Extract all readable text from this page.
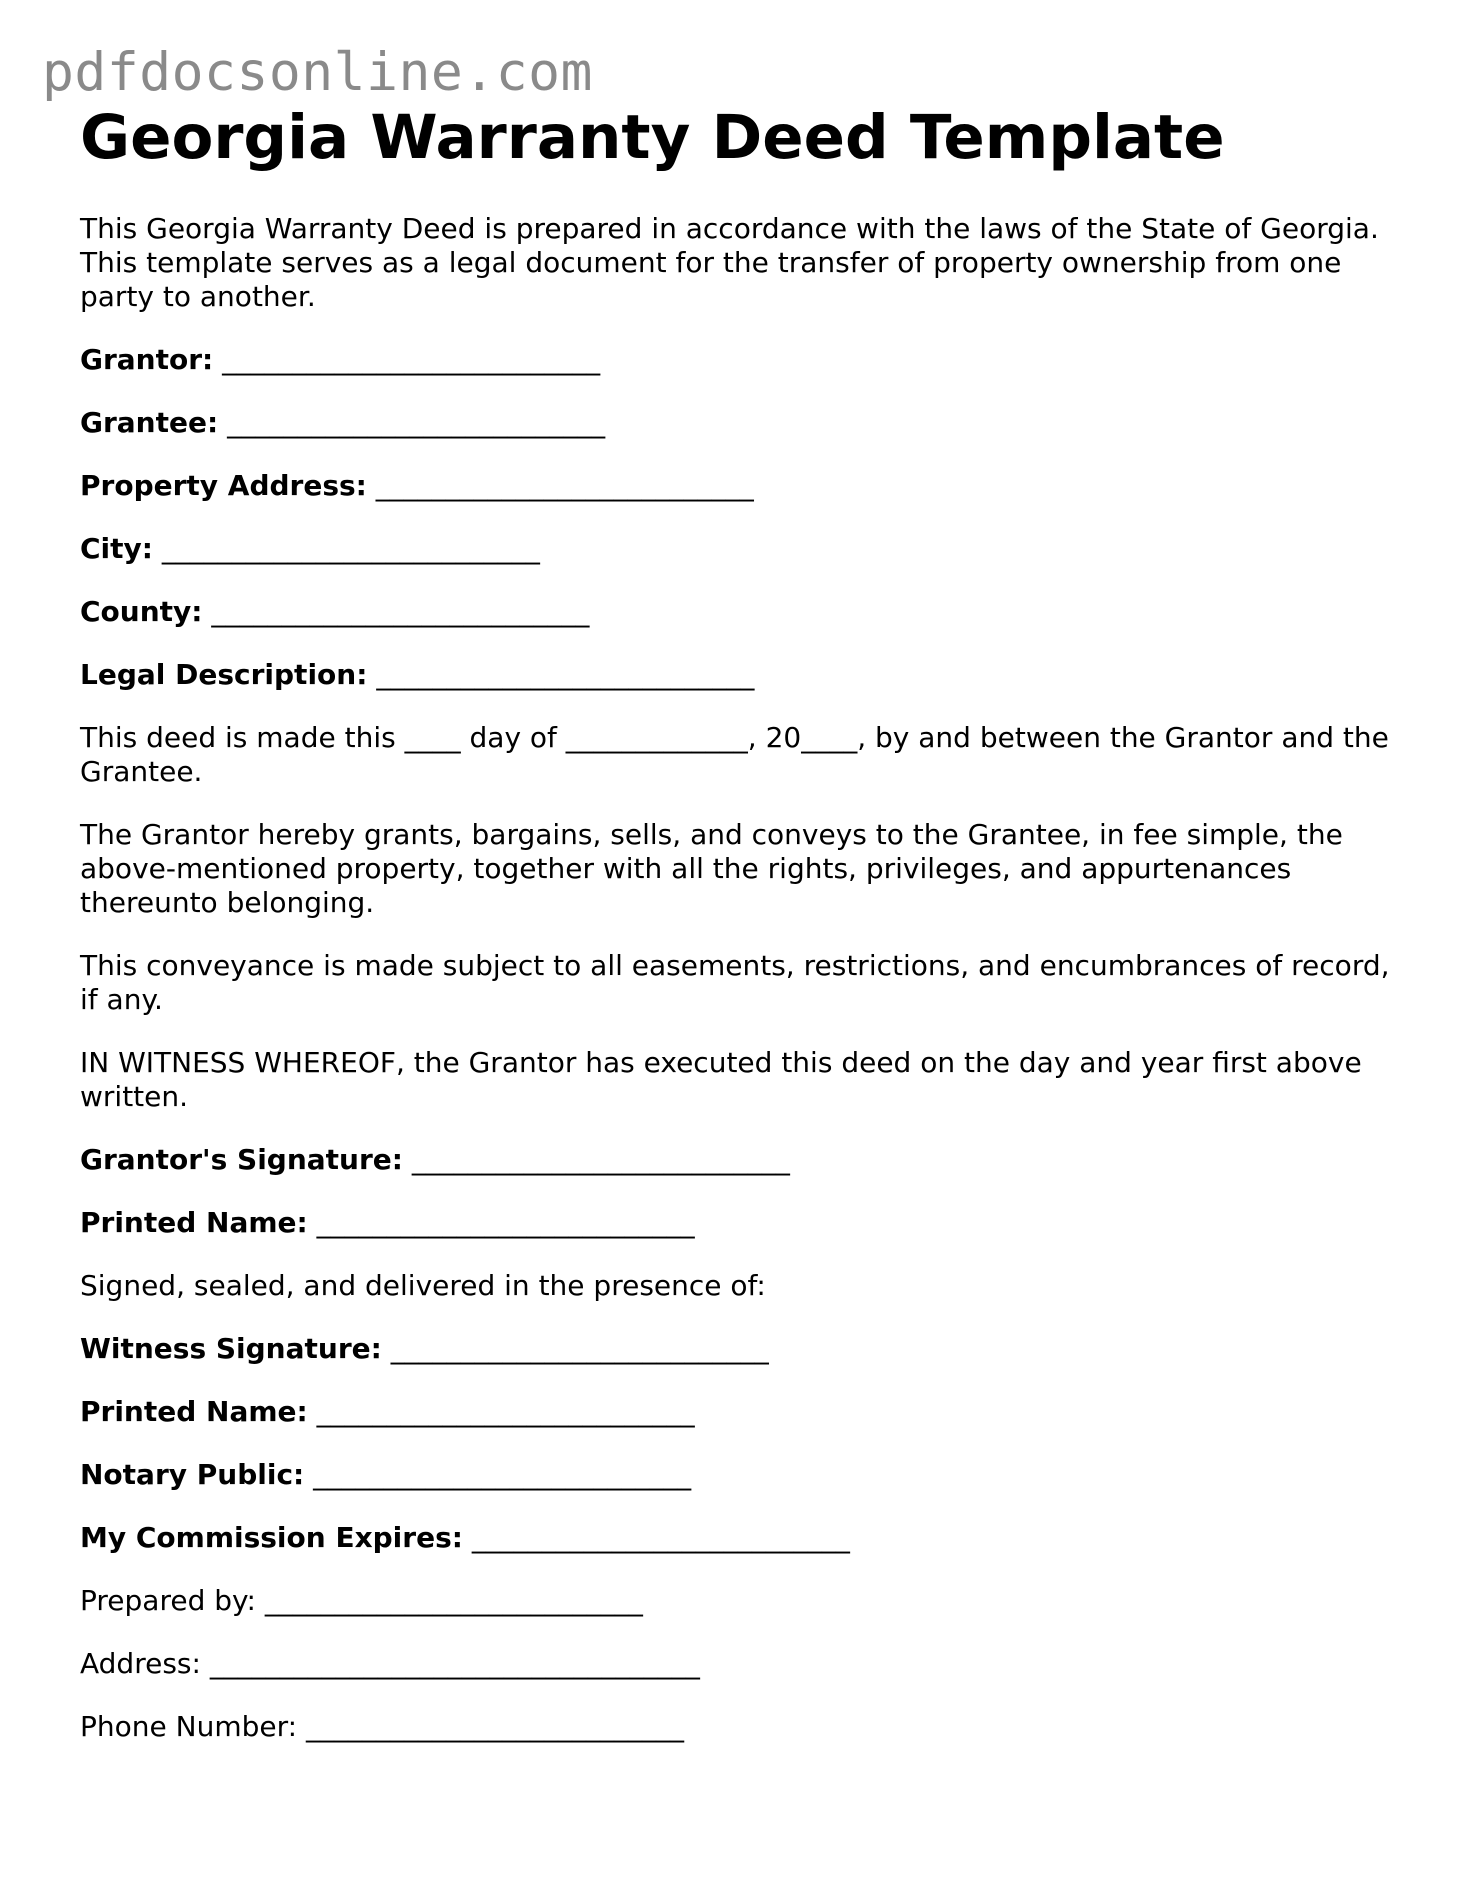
pdfdocsonline.com
Georgia Warranty Deed Template

This Georgia Warranty Deed is prepared in accordance with the laws of the State of Georgia. This template serves as a legal document for the transfer of property ownership from one party to another.

Grantor: ___________________________
Grantee: ___________________________
Property Address: ___________________________
City: ___________________________
County: ___________________________
Legal Description: ___________________________

This deed is made this ____ day of _____________, 20____, by and between the Grantor and the Grantee.

The Grantor hereby grants, bargains, sells, and conveys to the Grantee, in fee simple, the above-mentioned property, together with all the rights, privileges, and appurtenances thereunto belonging.

This conveyance is made subject to all easements, restrictions, and encumbrances of record, if any.

IN WITNESS WHEREOF, the Grantor has executed this deed on the day and year first above written.

Grantor's Signature: ___________________________
Printed Name: ___________________________

Signed, sealed, and delivered in the presence of:

Witness Signature: ___________________________
Printed Name: ___________________________
Notary Public: ___________________________
My Commission Expires: ___________________________
Prepared by: ___________________________
Address: ___________________________________
Phone Number: ___________________________
